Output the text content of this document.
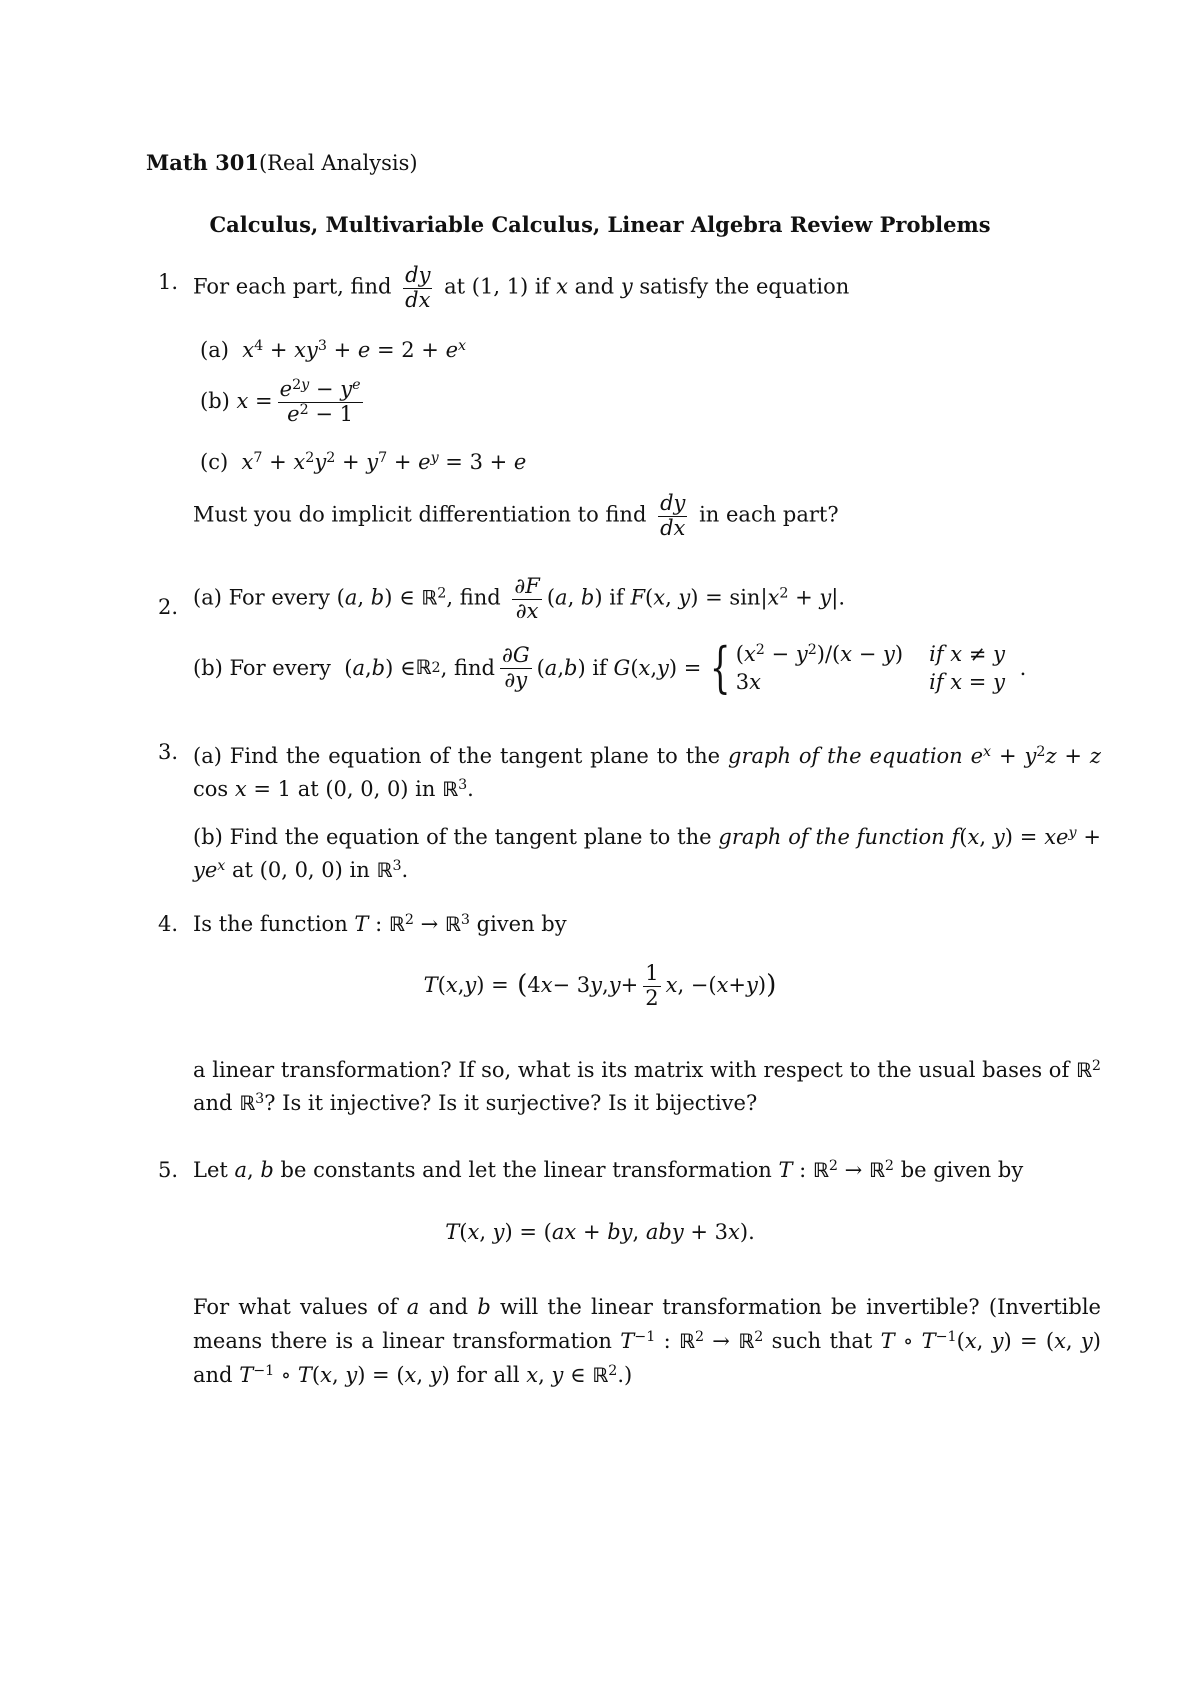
Math 301(Real Analysis)
Calculus, Multivariable Calculus, Linear Algebra Review Problems
1. For each part, find $\frac{dy}{dx}$ at (1, 1) if x and y satisfy the equation
(a) $x^4 + xy^3 + e = 2 + e^x$
(b)
$x = \frac{e^{2y} - y^e}{e^2 - 1}$
(c) $x^7 + x^2y^2 + y^7 + e^y = 3 + e$
Must you do implicit differentiation to find $\frac{dy}{dx}$ in each part?
2. (a) For every (a, b) ∈ ℝ$^2$, find $\frac{\partial F}{\partial x} (a$, b) if F(x, $y) = \sin|x^2 + y|$.
(b) For every ( a , b ) ∈ ℝ 2 , find $\frac{\partial G}{\partial y}$ ( a , b ) if
G ( x , y ) = { $(x^2 - y^2)/(x - y)$	if x ≠ y
3x	if x = y
.
3. (a) Find the equation of the tangent plane to the graph of the equation $e^x + y^2z + z$ cos x = 1 at (0, 0, 0) in ℝ$^3$.
(b) Find the equation of the tangent plane to the graph of the function f(x, $y) = xe^y + ye^x$ at (0, 0, 0) in ℝ$^3$.
4. Is the function T : ℝ$^2$ → ℝ$^3$ given by
T ( x , y ) = ( 4 x − 3 y , $y + \frac{1}{2}$ x , −( x + y ) )
a linear transformation? If so, what is its matrix with respect to the usual bases of ℝ$^2$ and ℝ$^3$? Is it injective? Is it surjective? Is it bijective?
5. Let a, b be constants and let the linear transformation T : ℝ$^2$ → ℝ$^2$ be given by
T(x, y) = (ax + by, aby + 3x).
For what values of a and b will the linear transformation be invertible? (Invertible means there is a linear transformation $T^{-1}$ : ℝ$^2$ → ℝ$^2$ such that T ∘ $T^{-1}(x$, y) = (x, y) and $T^{-1}$ ∘ T(x, y) = (x, y) for all x, y ∈ ℝ$^2$.)
